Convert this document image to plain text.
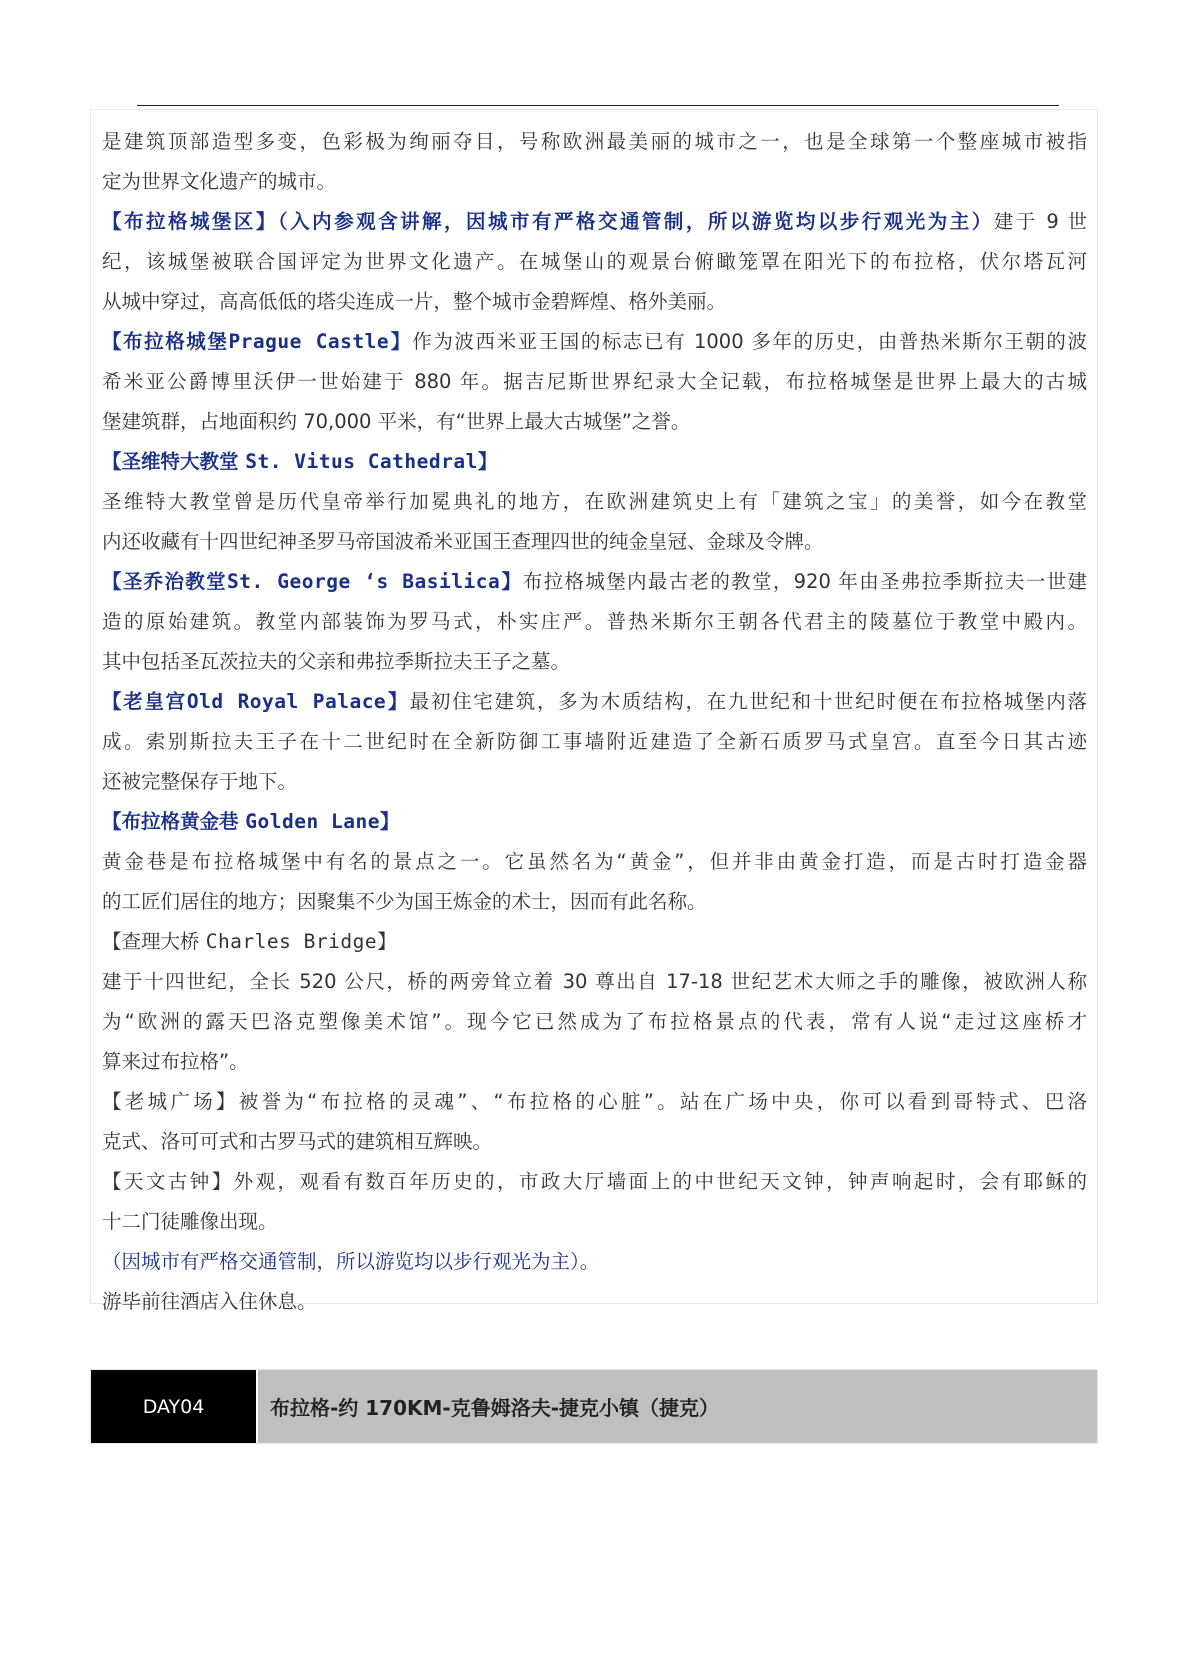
是建筑顶部造型多变，色彩极为绚丽夺目，号称欧洲最美丽的城市之一，也是全球第一个整座城市被指
定为世界文化遗产的城市。
【布拉格城堡区】（入内参观含讲解，因城市有严格交通管制，所以游览均以步行观光为主）建于 9 世
纪，该城堡被联合国评定为世界文化遗产。在城堡山的观景台俯瞰笼罩在阳光下的布拉格，伏尔塔瓦河
从城中穿过，高高低低的塔尖连成一片，整个城市金碧辉煌、格外美丽。
【布拉格城堡Prague Castle】作为波西米亚王国的标志已有 1000 多年的历史，由普热米斯尔王朝的波
希米亚公爵博里沃伊一世始建于 880 年。据吉尼斯世界纪录大全记载，布拉格城堡是世界上最大的古城
堡建筑群，占地面积约 70,000 平米，有“世界上最大古城堡”之誉。
【圣维特大教堂 St. Vitus Cathedral】
圣维特大教堂曾是历代皇帝举行加冕典礼的地方，在欧洲建筑史上有「建筑之宝」的美誉，如今在教堂
内还收藏有十四世纪神圣罗马帝国波希米亚国王查理四世的纯金皇冠、金球及令牌。
【圣乔治教堂St. George ‘s Basilica】布拉格城堡内最古老的教堂，920 年由圣弗拉季斯拉夫一世建
造的原始建筑。教堂内部装饰为罗马式，朴实庄严。普热米斯尔王朝各代君主的陵墓位于教堂中殿内。
其中包括圣瓦茨拉夫的父亲和弗拉季斯拉夫王子之墓。
【老皇宫Old Royal Palace】最初住宅建筑，多为木质结构，在九世纪和十世纪时便在布拉格城堡内落
成。索别斯拉夫王子在十二世纪时在全新防御工事墙附近建造了全新石质罗马式皇宫。直至今日其古迹
还被完整保存于地下。
【布拉格黄金巷 Golden Lane】
黄金巷是布拉格城堡中有名的景点之一。它虽然名为“黄金”，但并非由黄金打造，而是古时打造金器
的工匠们居住的地方；因聚集不少为国王炼金的术士，因而有此名称。
【查理大桥 Charles Bridge】
建于十四世纪，全长 520 公尺，桥的两旁耸立着 30 尊出自 17-18 世纪艺术大师之手的雕像，被欧洲人称
为“欧洲的露天巴洛克塑像美术馆”。现今它已然成为了布拉格景点的代表，常有人说“走过这座桥才
算来过布拉格”。
【老城广场】被誉为“布拉格的灵魂”、“布拉格的心脏”。站在广场中央，你可以看到哥特式、巴洛
克式、洛可可式和古罗马式的建筑相互辉映。
【天文古钟】外观，观看有数百年历史的，市政大厅墙面上的中世纪天文钟，钟声响起时，会有耶稣的
十二门徒雕像出现。
（因城市有严格交通管制，所以游览均以步行观光为主）。
游毕前往酒店入住休息。
DAY04	布拉格-约 170KM-克鲁姆洛夫-捷克小镇（捷克）
